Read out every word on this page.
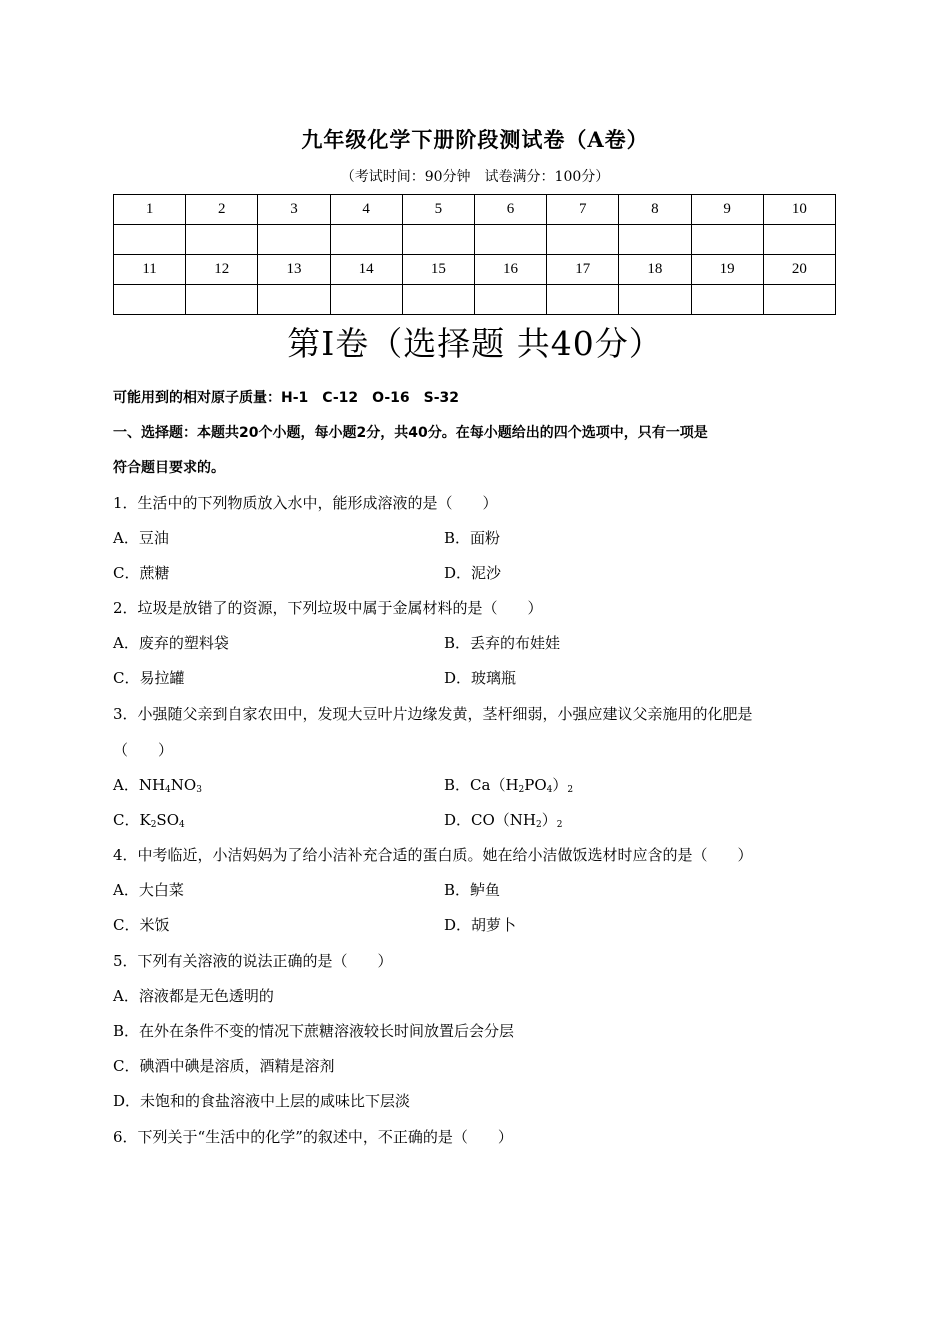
九年级化学下册阶段测试卷（A卷）
（考试时间：90分钟　试卷满分：100分）
1	2	3	4	5	6	7	8	9	10

11	12	13	14	15	16	17	18	19	20

第Ⅰ卷（选择题 共40分）
可能用到的相对原子质量：H-1　C-12　O-16　S-32
一、选择题：本题共20个小题，每小题2分，共40分。在每小题给出的四个选项中，只有一项是
符合题目要求的。
1．生活中的下列物质放入水中，能形成溶液的是（　　）
A．豆油	B．面粉
C．蔗糖	D．泥沙
2．垃圾是放错了的资源，下列垃圾中属于金属材料的是（　　）
A．废弃的塑料袋	B．丢弃的布娃娃
C．易拉罐	D．玻璃瓶
3．小强随父亲到自家农田中，发现大豆叶片边缘发黄，茎杆细弱，小强应建议父亲施用的化肥是
（　　）
A．$NH_4NO_3$	B．$Ca(H_2PO_4)_2$
C．$K_2SO_4$	D．$CO(NH_2)_2$
4．中考临近，小洁妈妈为了给小洁补充合适的蛋白质。她在给小洁做饭选材时应含的是（　　）
A．大白菜	B．鲈鱼
C．米饭	D．胡萝卜
5．下列有关溶液的说法正确的是（　　）
A．溶液都是无色透明的
B．在外在条件不变的情况下蔗糖溶液较长时间放置后会分层
C．碘酒中碘是溶质，酒精是溶剂
D．未饱和的食盐溶液中上层的咸味比下层淡
6．下列关于“生活中的化学”的叙述中，不正确的是（　　）
